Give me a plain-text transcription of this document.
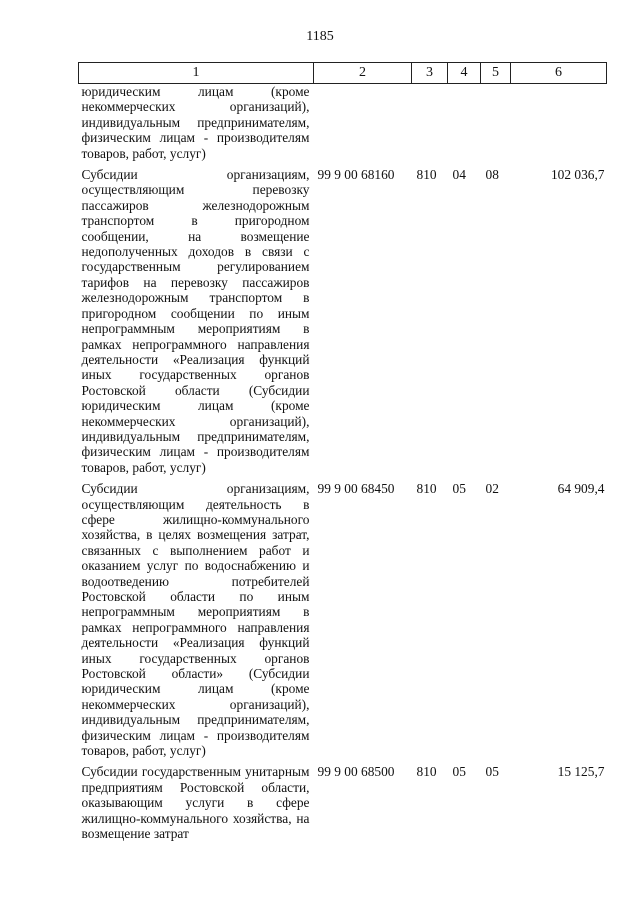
1185
1	2	3	4	5	6
юридическим лицам (кроме некоммерческих организаций), индивидуальным предпринимателям, физическим лицам - производителям товаров, работ, услуг)					
Субсидии организациям, осуществляющим перевозку пассажиров железнодорожным транспортом в пригородном сообщении, на возмещение недополученных доходов в связи с государственным регулированием тарифов на перевозку пассажиров железнодорожным транспортом в пригородном сообщении по иным непрограммным мероприятиям в рамках непрограммного направления деятельности «Реализация функций иных государственных органов Ростовской области (Субсидии юридическим лицам (кроме некоммерческих организаций), индивидуальным предпринимателям, физическим лицам - производителям товаров, работ, услуг)	99 9 00 68160	810	04	08	102 036,7
Субсидии организациям, осуществляющим деятельность в сфере жилищно-коммунального хозяйства, в целях возмещения затрат, связанных с выполнением работ и оказанием услуг по водоснабжению и водоотведению потребителей Ростовской области по иным непрограммным мероприятиям в рамках непрограммного направления деятельности «Реализация функций иных государственных органов Ростовской области» (Субсидии юридическим лицам (кроме некоммерческих организаций), индивидуальным предпринимателям, физическим лицам - производителям товаров, работ, услуг)	99 9 00 68450	810	05	02	64 909,4
Субсидии государственным унитарным предприятиям Ростовской области, оказывающим услуги в сфере жилищно-коммунального хозяйства, на возмещение затрат	99 9 00 68500	810	05	05	15 125,7
